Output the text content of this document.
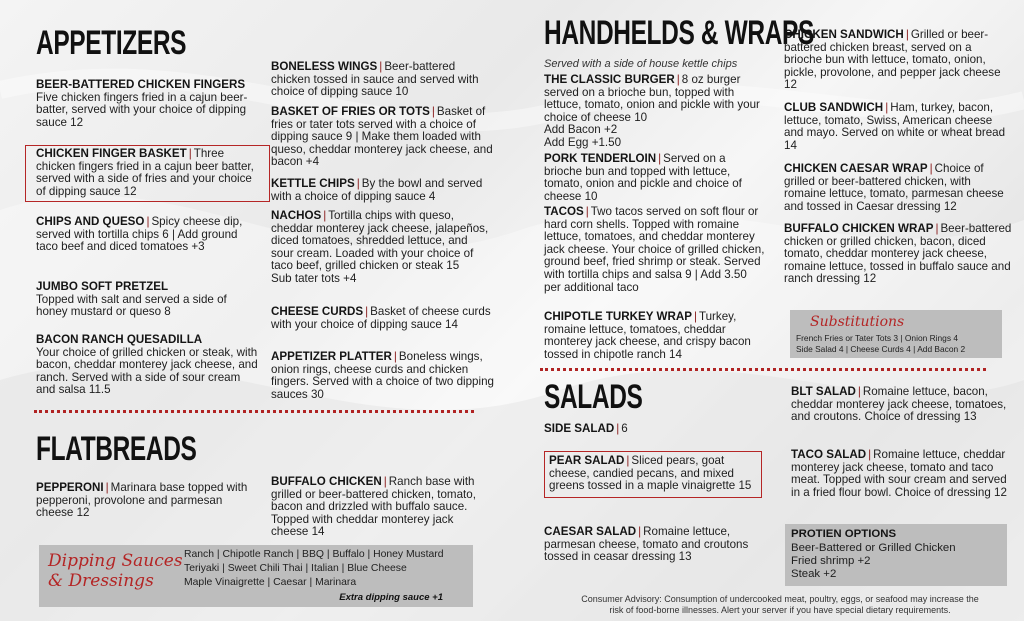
APPETIZERS
BEER-BATTERED CHICKEN FINGERS
Five chicken fingers fried in a cajun beer-batter, served with your choice of dipping sauce 12
CHICKEN FINGER BASKET | Three chicken fingers fried in a cajun beer batter, served with a side of fries and your choice of dipping sauce 12
CHIPS AND QUESO | Spicy cheese dip, served with tortilla chips 6 | Add ground taco beef and diced tomatoes +3
JUMBO SOFT PRETZEL
Topped with salt and served a side of honey mustard or queso 8
BACON RANCH QUESADILLA
Your choice of grilled chicken or steak, with bacon, cheddar monterey jack cheese, and ranch. Served with a side of sour cream and salsa 11.5
BONELESS WINGS | Beer-battered chicken tossed in sauce and served with choice of dipping sauce 10
BASKET OF FRIES OR TOTS | Basket of fries or tater tots served with a choice of dipping sauce 9 | Make them loaded with queso, cheddar monterey jack cheese, and bacon +4
KETTLE CHIPS | By the bowl and served with a choice of dipping sauce 4
NACHOS | Tortilla chips with queso, cheddar monterey jack cheese, jalapeños, diced tomatoes, shredded lettuce, and sour cream. Loaded with your choice of taco beef, grilled chicken or steak 15
Sub tater tots +4
CHEESE CURDS | Basket of cheese curds with your choice of dipping sauce 14
APPETIZER PLATTER | Boneless wings, onion rings, cheese curds and chicken fingers. Served with a choice of two dipping sauces 30
FLATBREADS
PEPPERONI | Marinara base topped with pepperoni, provolone and parmesan cheese 12
BUFFALO CHICKEN | Ranch base with grilled or beer-battered chicken, tomato, bacon and drizzled with buffalo sauce. Topped with cheddar monterey jack cheese 14
Dipping Sauces
& Dressings
Ranch | Chipotle Ranch | BBQ | Buffalo | Honey Mustard
Teriyaki | Sweet Chili Thai | Italian | Blue Cheese
Maple Vinaigrette | Caesar | Marinara
Extra dipping sauce +1
HANDHELDS & WRAPS
Served with a side of house kettle chips
THE CLASSIC BURGER | 8 oz burger served on a brioche bun, topped with lettuce, tomato, onion and pickle with your choice of cheese 10
Add Bacon +2
Add Egg +1.50
PORK TENDERLOIN | Served on a brioche bun and topped with lettuce, tomato, onion and pickle and choice of cheese 10
TACOS | Two tacos served on soft flour or hard corn shells. Topped with romaine lettuce, tomatoes, and cheddar monterey jack cheese. Your choice of grilled chicken, ground beef, fried shrimp or steak. Served with tortilla chips and salsa 9 | Add 3.50 per additional taco
CHIPOTLE TURKEY WRAP | Turkey, romaine lettuce, tomatoes, cheddar monterey jack cheese, and crispy bacon tossed in chipotle ranch 14
CHICKEN SANDWICH | Grilled or beer-battered chicken breast, served on a brioche bun with lettuce, tomato, onion, pickle, provolone, and pepper jack cheese 12
CLUB SANDWICH | Ham, turkey, bacon, lettuce, tomato, Swiss, American cheese and mayo. Served on white or wheat bread 14
CHICKEN CAESAR WRAP | Choice of grilled or beer-battered chicken, with romaine lettuce, tomato, parmesan cheese and tossed in Caesar dressing 12
BUFFALO CHICKEN WRAP | Beer-battered chicken or grilled chicken, bacon, diced tomato, cheddar monterey jack cheese, romaine lettuce, tossed in buffalo sauce and ranch dressing 12
Substitutions
French Fries or Tater Tots 3 | Onion Rings 4
Side Salad 4 | Cheese Curds 4 | Add Bacon 2
SALADS
SIDE SALAD | 6
PEAR SALAD | Sliced pears, goat cheese, candied pecans, and mixed greens tossed in a maple vinaigrette 15
CAESAR SALAD | Romaine lettuce, parmesan cheese, tomato and croutons tossed in ceasar dressing 13
BLT SALAD | Romaine lettuce, bacon, cheddar monterey jack cheese, tomatoes, and croutons. Choice of dressing 13
TACO SALAD | Romaine lettuce, cheddar monterey jack cheese, tomato and taco meat. Topped with sour cream and served in a fried flour bowl. Choice of dressing 12
PROTIEN OPTIONS
Beer-Battered or Grilled Chicken
Fried shrimp +2
Steak +2
Consumer Advisory: Consumption of undercooked meat, poultry, eggs, or seafood may increase the
risk of food-borne illnesses. Alert your server if you have special dietary requirements.
